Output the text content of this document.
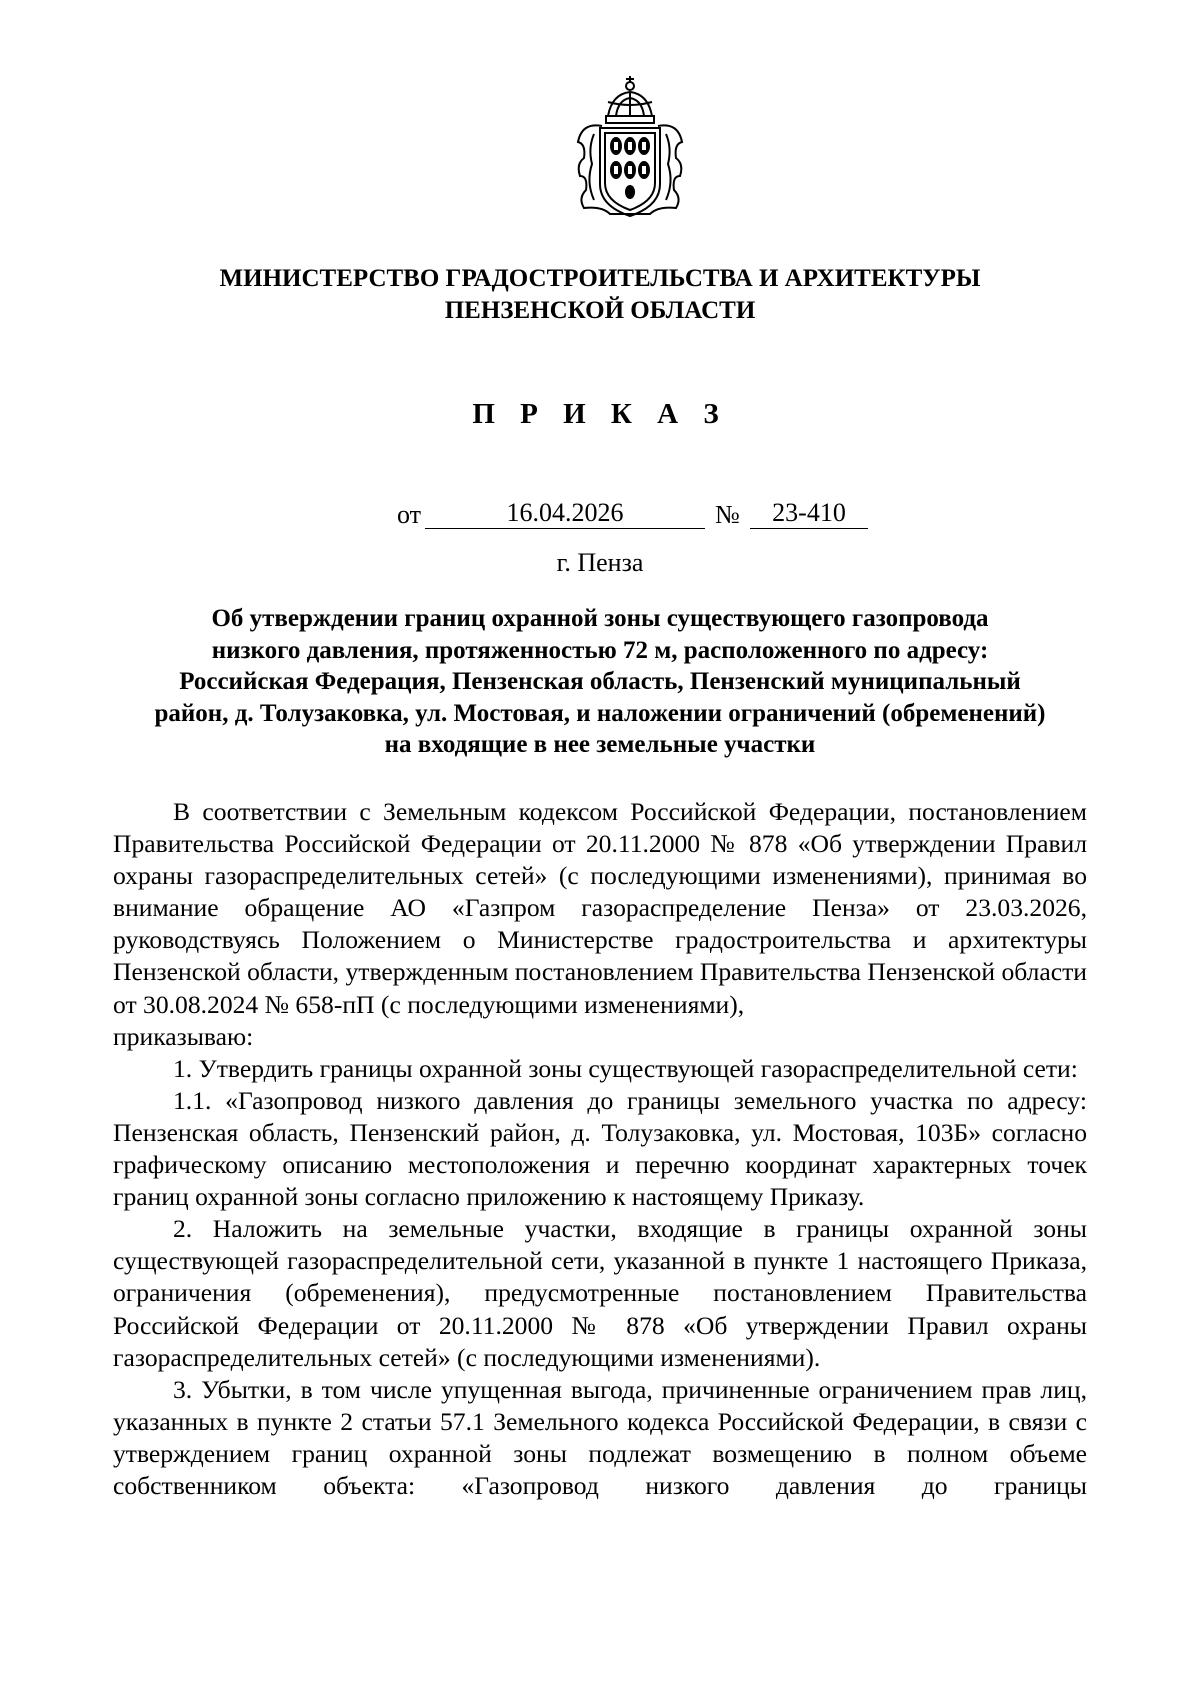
МИНИСТЕРСТВО ГРАДОСТРОИТЕЛЬСТВА И АРХИТЕКТУРЫ
ПЕНЗЕНСКОЙ ОБЛАСТИ
П Р И К А З
от	16.04.2026	№	23-410
г. Пенза
Об утверждении границ охранной зоны существующего газопровода
низкого давления, протяженностью 72 м, расположенного по адресу:
Российская Федерация, Пензенская область, Пензенский муниципальный
район, д. Толузаковка, ул. Мостовая, и наложении ограничений (обременений)
на входящие в нее земельные участки

В соответствии с Земельным кодексом Российской Федерации, постановлением Правительства Российской Федерации от 20.11.2000 № 878 «Об утверждении Правил охраны газораспределительных сетей» (с последующими изменениями), принимая во внимание обращение АО «Газпром газораспределение Пенза» от 23.03.2026, руководствуясь Положением о Министерстве градостроительства и архитектуры Пензенской области, утвержденным постановлением Правительства Пензенской области от 30.08.2024 № 658-пП (с последующими изменениями),

приказываю:

1. Утвердить границы охранной зоны существующей газораспределительной сети:

1.1. «Газопровод низкого давления до границы земельного участка по адресу: Пензенская область, Пензенский район, д. Толузаковка, ул. Мостовая, 103Б» согласно графическому описанию местоположения и перечню координат характерных точек границ охранной зоны согласно приложению к настоящему Приказу.

2. Наложить на земельные участки, входящие в границы охранной зоны существующей газораспределительной сети, указанной в пункте 1 настоящего Приказа, ограничения (обременения), предусмотренные постановлением Правительства Российской Федерации от 20.11.2000 № 878 «Об утверждении Правил охраны газораспределительных сетей» (с последующими изменениями).

3. Убытки, в том числе упущенная выгода, причиненные ограничением прав лиц, указанных в пункте 2 статьи 57.1 Земельного кодекса Российской Федерации, в связи с утверждением границ охранной зоны подлежат возмещению в полном объеме собственником объекта: «Газопровод низкого давления до границы
